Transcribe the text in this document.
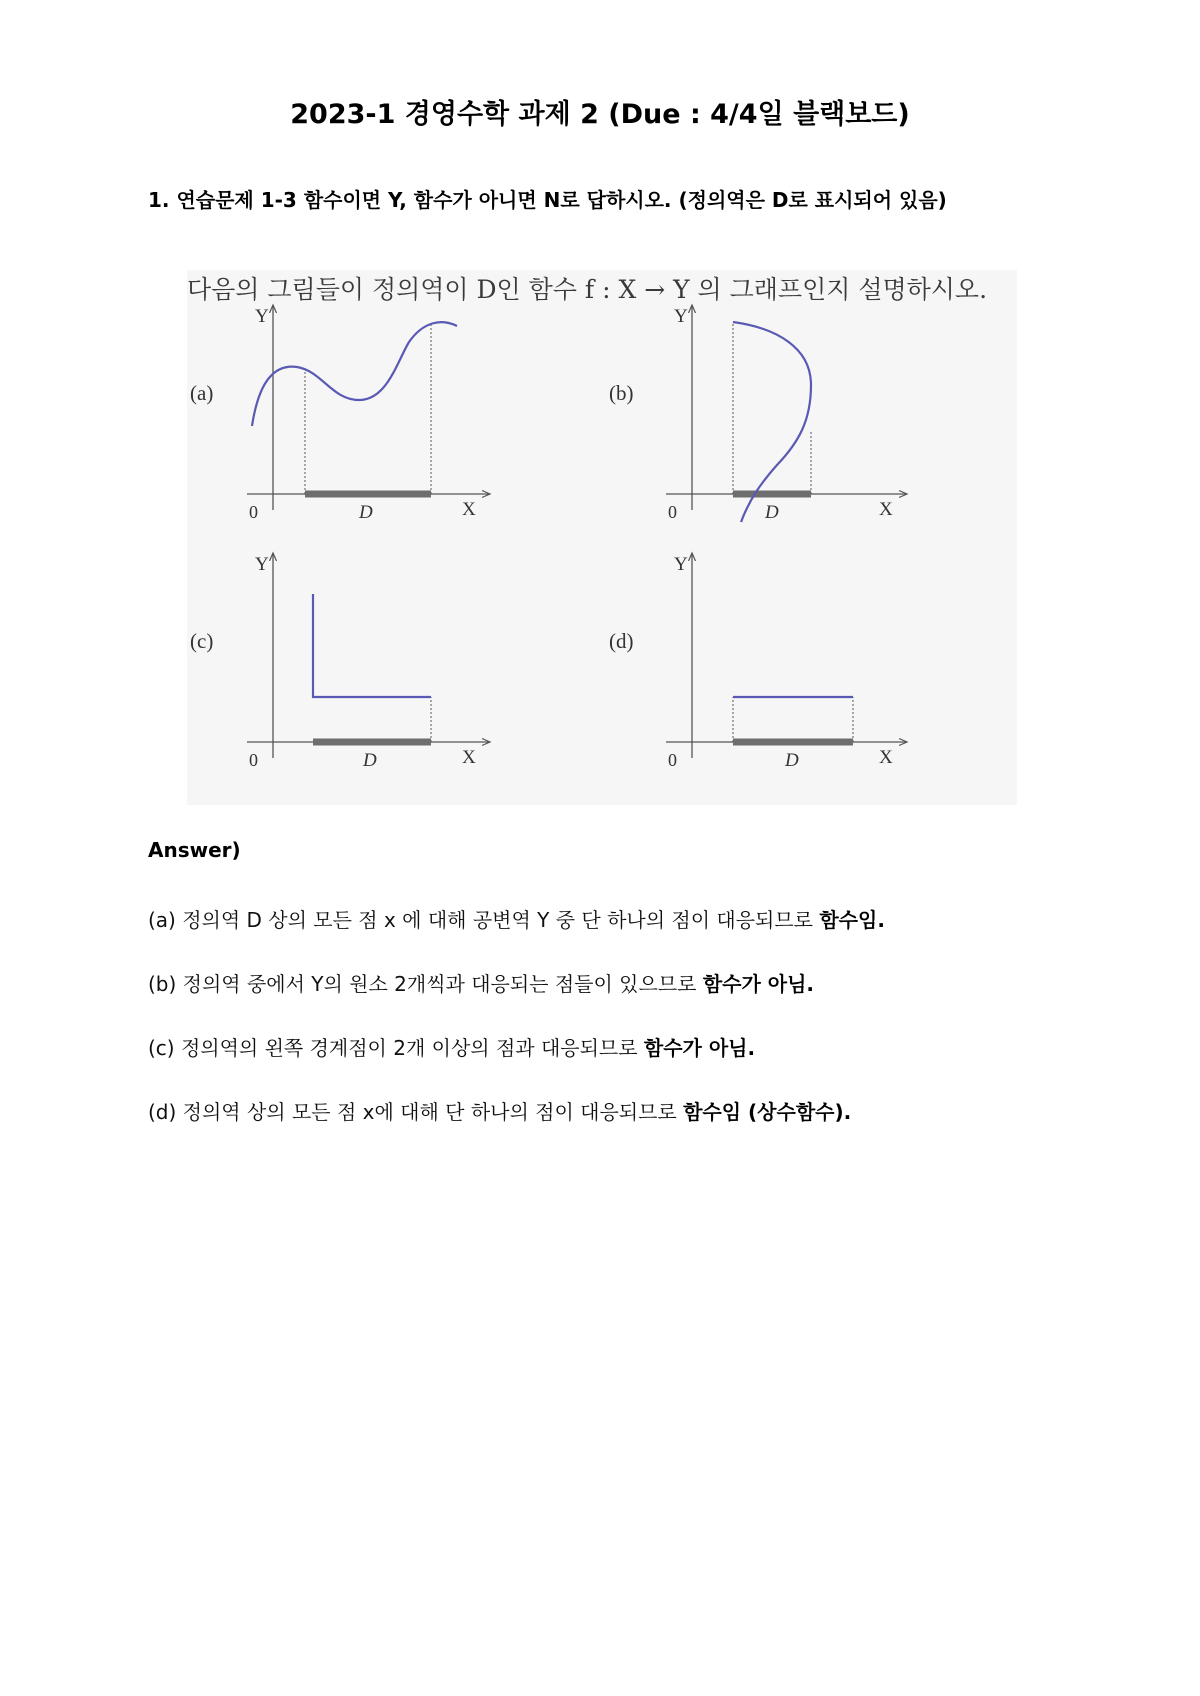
2023-1 경영수학 과제 2 (Due : 4/4일 블랙보드)
1. 연습문제 1-3 함수이면 Y, 함수가 아니면 N로 답하시오. (정의역은 D로 표시되어 있음)
Y
X
0	D
(a)
Y
X
0	D
(b)
Y
X
0	D
(c)
Y
X
0	D
(d)
다음의 그림들이 정의역이 D인 함수 f : X → Y 의 그래프인지 설명하시오.
Answer)
(a) 정의역 D 상의 모든 점 x 에 대해 공변역 Y 중 단 하나의 점이 대응되므로 함수임.
(b) 정의역 중에서 Y의 원소 2개씩과 대응되는 점들이 있으므로 함수가 아님.
(c) 정의역의 왼쪽 경계점이 2개 이상의 점과 대응되므로 함수가 아님.
(d) 정의역 상의 모든 점 x에 대해 단 하나의 점이 대응되므로 함수임 (상수함수).
